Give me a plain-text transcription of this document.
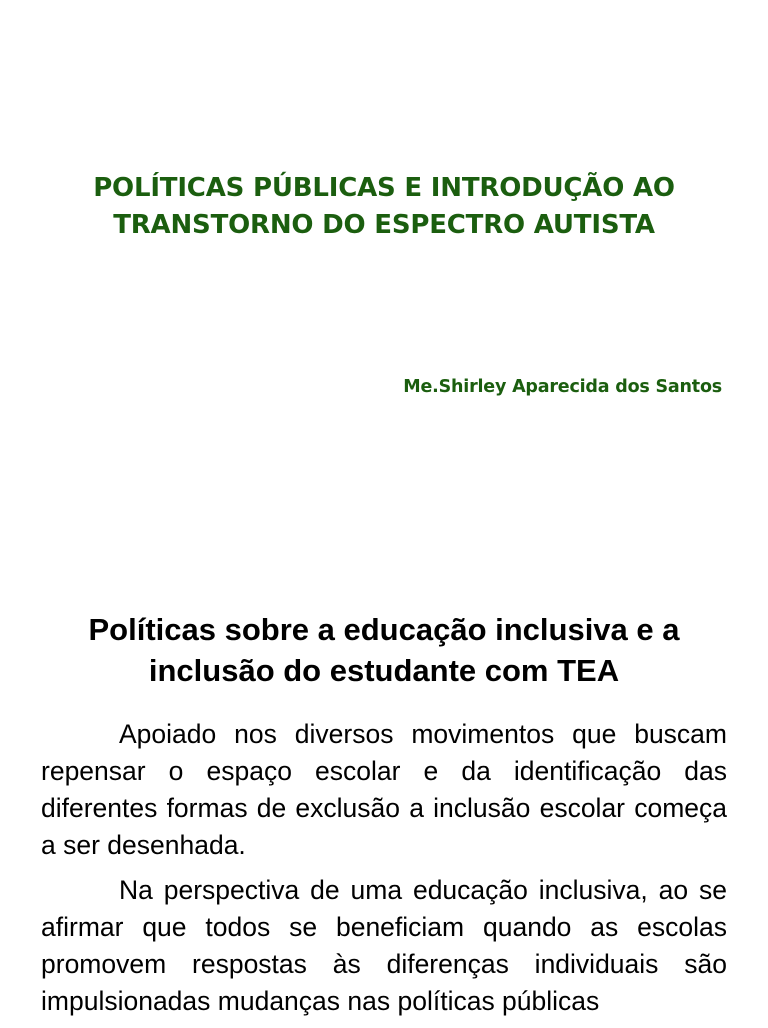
POLÍTICAS PÚBLICAS E INTRODUÇÃO AO TRANSTORNO DO ESPECTRO AUTISTA

Me.Shirley Aparecida dos Santos

Políticas sobre a educação inclusiva e a inclusão do estudante com TEA

Apoiado nos diversos movimentos que buscam repensar o espaço escolar e da identificação das diferentes formas de exclusão a inclusão escolar começa a ser desenhada.

Na perspectiva de uma educação inclusiva, ao se afirmar que todos se beneficiam quando as escolas promovem respostas às diferenças individuais são impulsionadas mudanças nas políticas públicas
